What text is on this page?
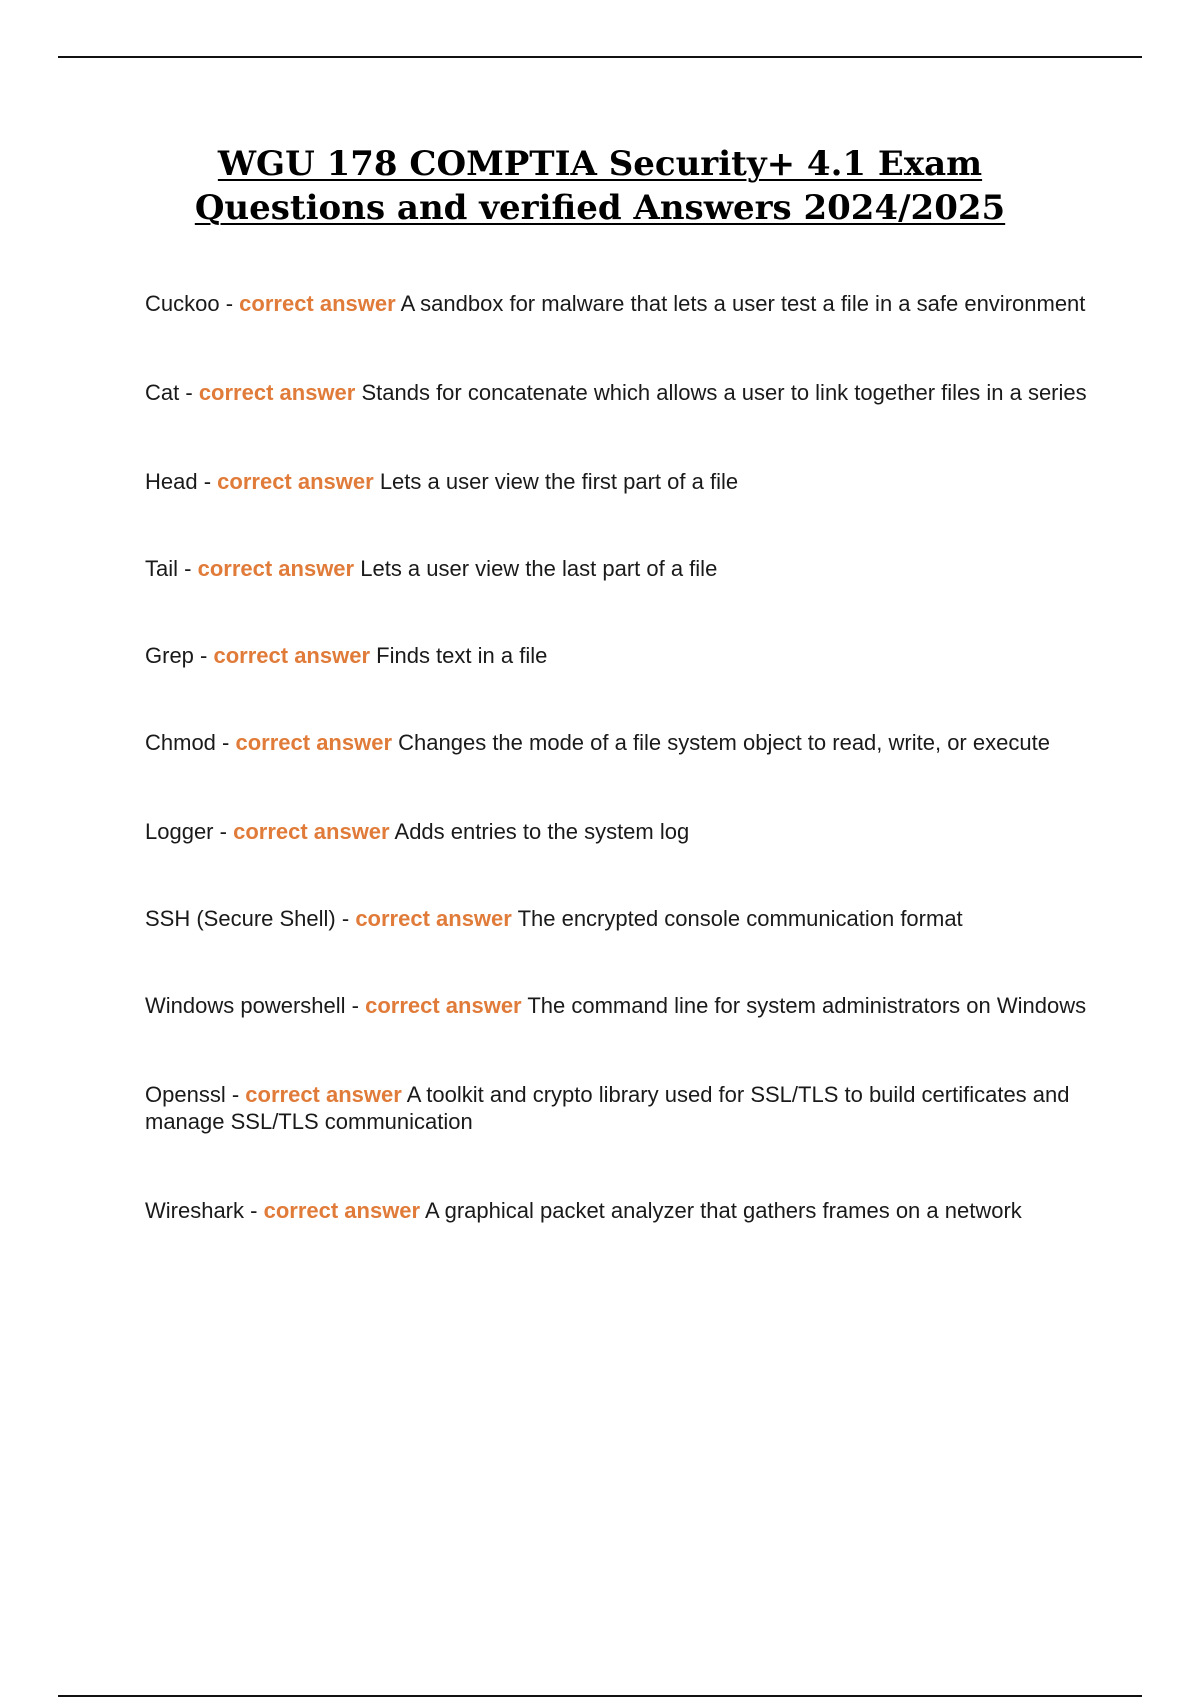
WGU 178 COMPTIA Security+ 4.1 Exam
Questions and verified Answers 2024/2025
Cuckoo - correct answer A sandbox for malware that lets a user test a file in a safe environment
Cat - correct answer Stands for concatenate which allows a user to link together files in a series
Head - correct answer Lets a user view the first part of a file
Tail - correct answer Lets a user view the last part of a file
Grep - correct answer Finds text in a file
Chmod - correct answer Changes the mode of a file system object to read, write, or execute
Logger - correct answer Adds entries to the system log
SSH (Secure Shell) - correct answer The encrypted console communication format
Windows powershell - correct answer The command line for system administrators on Windows
Openssl - correct answer A toolkit and crypto library used for SSL/TLS to build certificates and manage SSL/TLS communication
Wireshark - correct answer A graphical packet analyzer that gathers frames on a network
